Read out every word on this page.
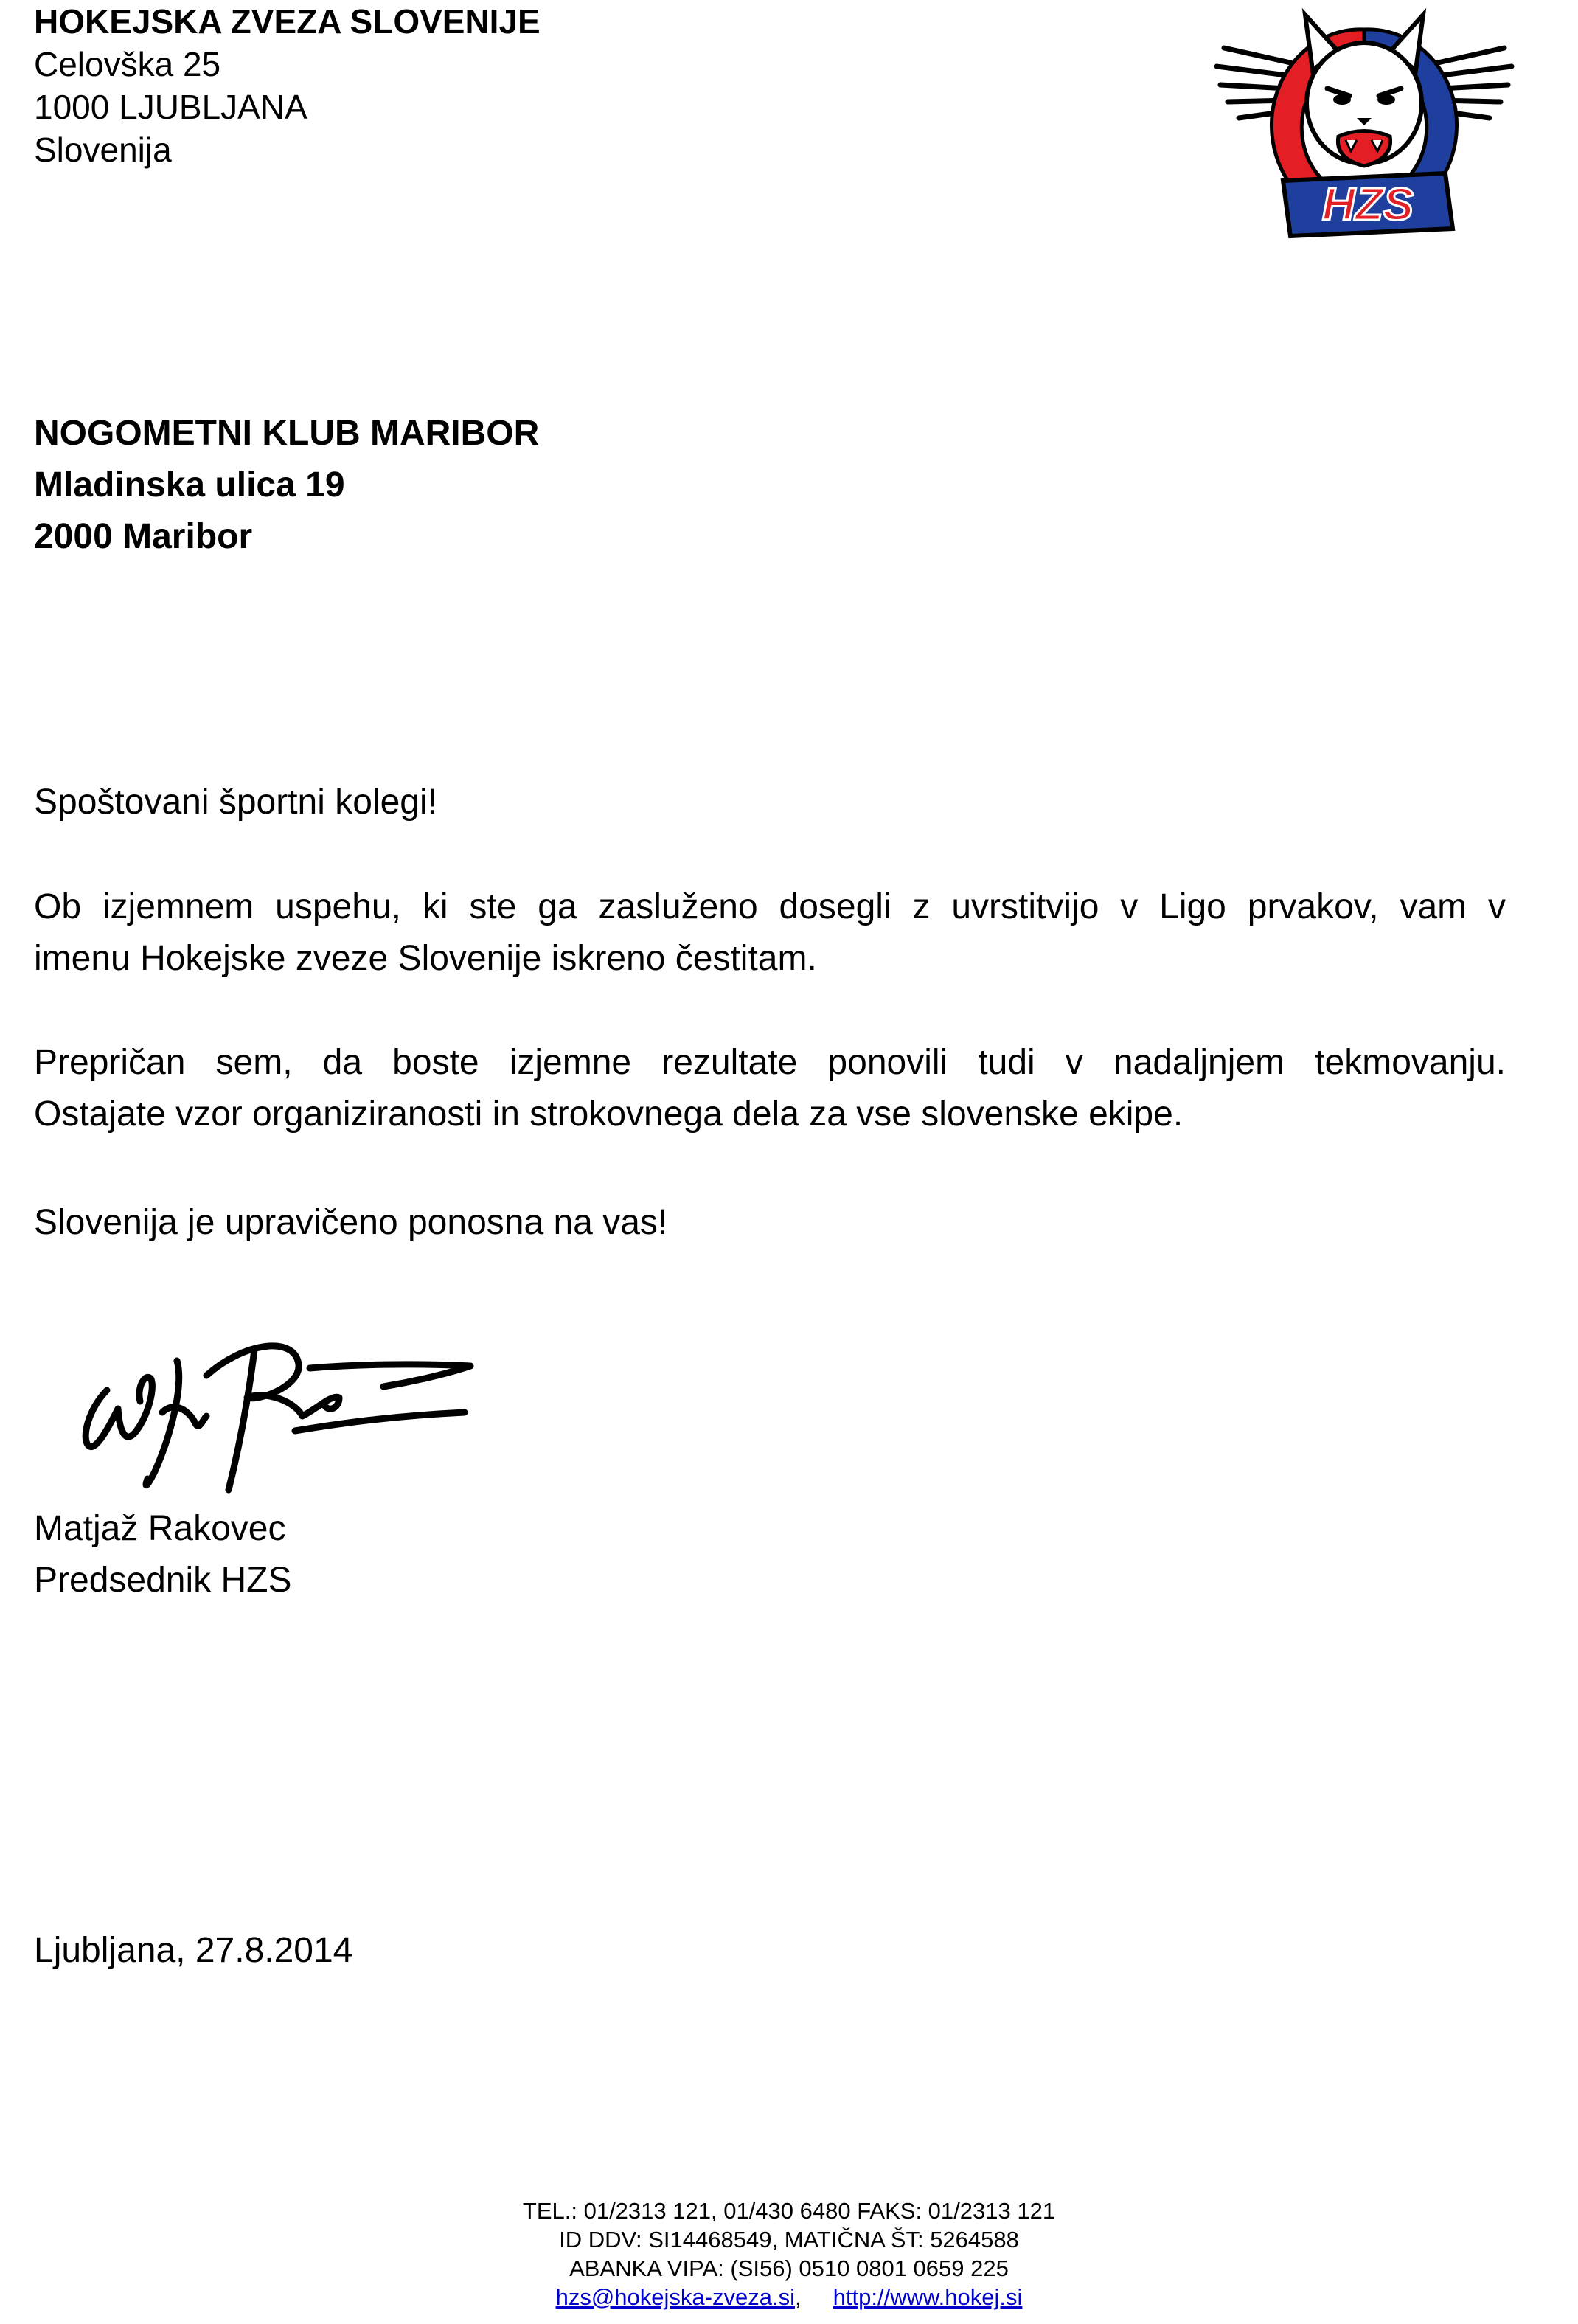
HOKEJSKA ZVEZA SLOVENIJE
Celovška 25
1000 LJUBLJANA
Slovenija
HZS
NOGOMETNI KLUB MARIBOR
Mladinska ulica 19
2000 Maribor
Spoštovani športni kolegi!
Ob izjemnem uspehu, ki ste ga zasluženo dosegli z uvrstitvijo v Ligo prvakov, vam v
imenu Hokejske zveze Slovenije iskreno čestitam.
Prepričan sem, da boste izjemne rezultate ponovili tudi v nadaljnjem tekmovanju.
Ostajate vzor organiziranosti in strokovnega dela za vse slovenske ekipe.
Slovenija je upravičeno ponosna na vas!
Matjaž Rakovec
Predsednik HZS
Ljubljana, 27.8.2014
TEL.: 01/2313 121, 01/430 6480 FAKS: 01/2313 121
ID DDV: SI14468549, MATIČNA ŠT: 5264588
ABANKA VIPA: (SI56) 0510 0801 0659 225
hzs@hokejska-zveza.si, http://www.hokej.si
